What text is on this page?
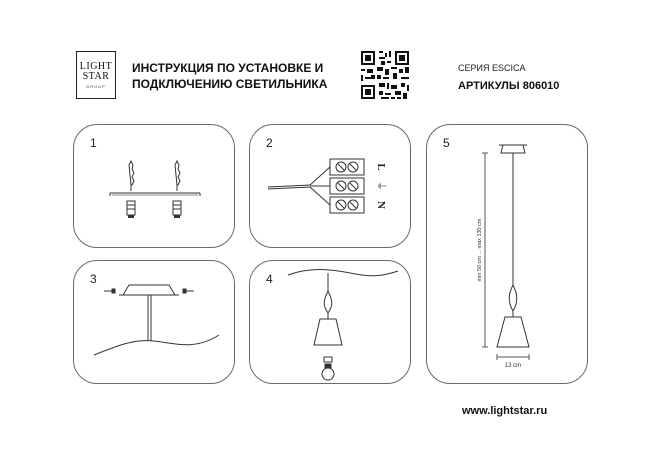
LIGHT
STAR
GROUP
ИНСТРУКЦИЯ ПО УСТАНОВКЕ И
ПОДКЛЮЧЕНИЮ СВЕТИЛЬНИКА
СЕРИЯ ESCICA
АРТИКУЛЫ 806010
1	2
L
⏚
N
3	4
5
min 50 cm ... max 130 cm
13 cm
www.lightstar.ru
